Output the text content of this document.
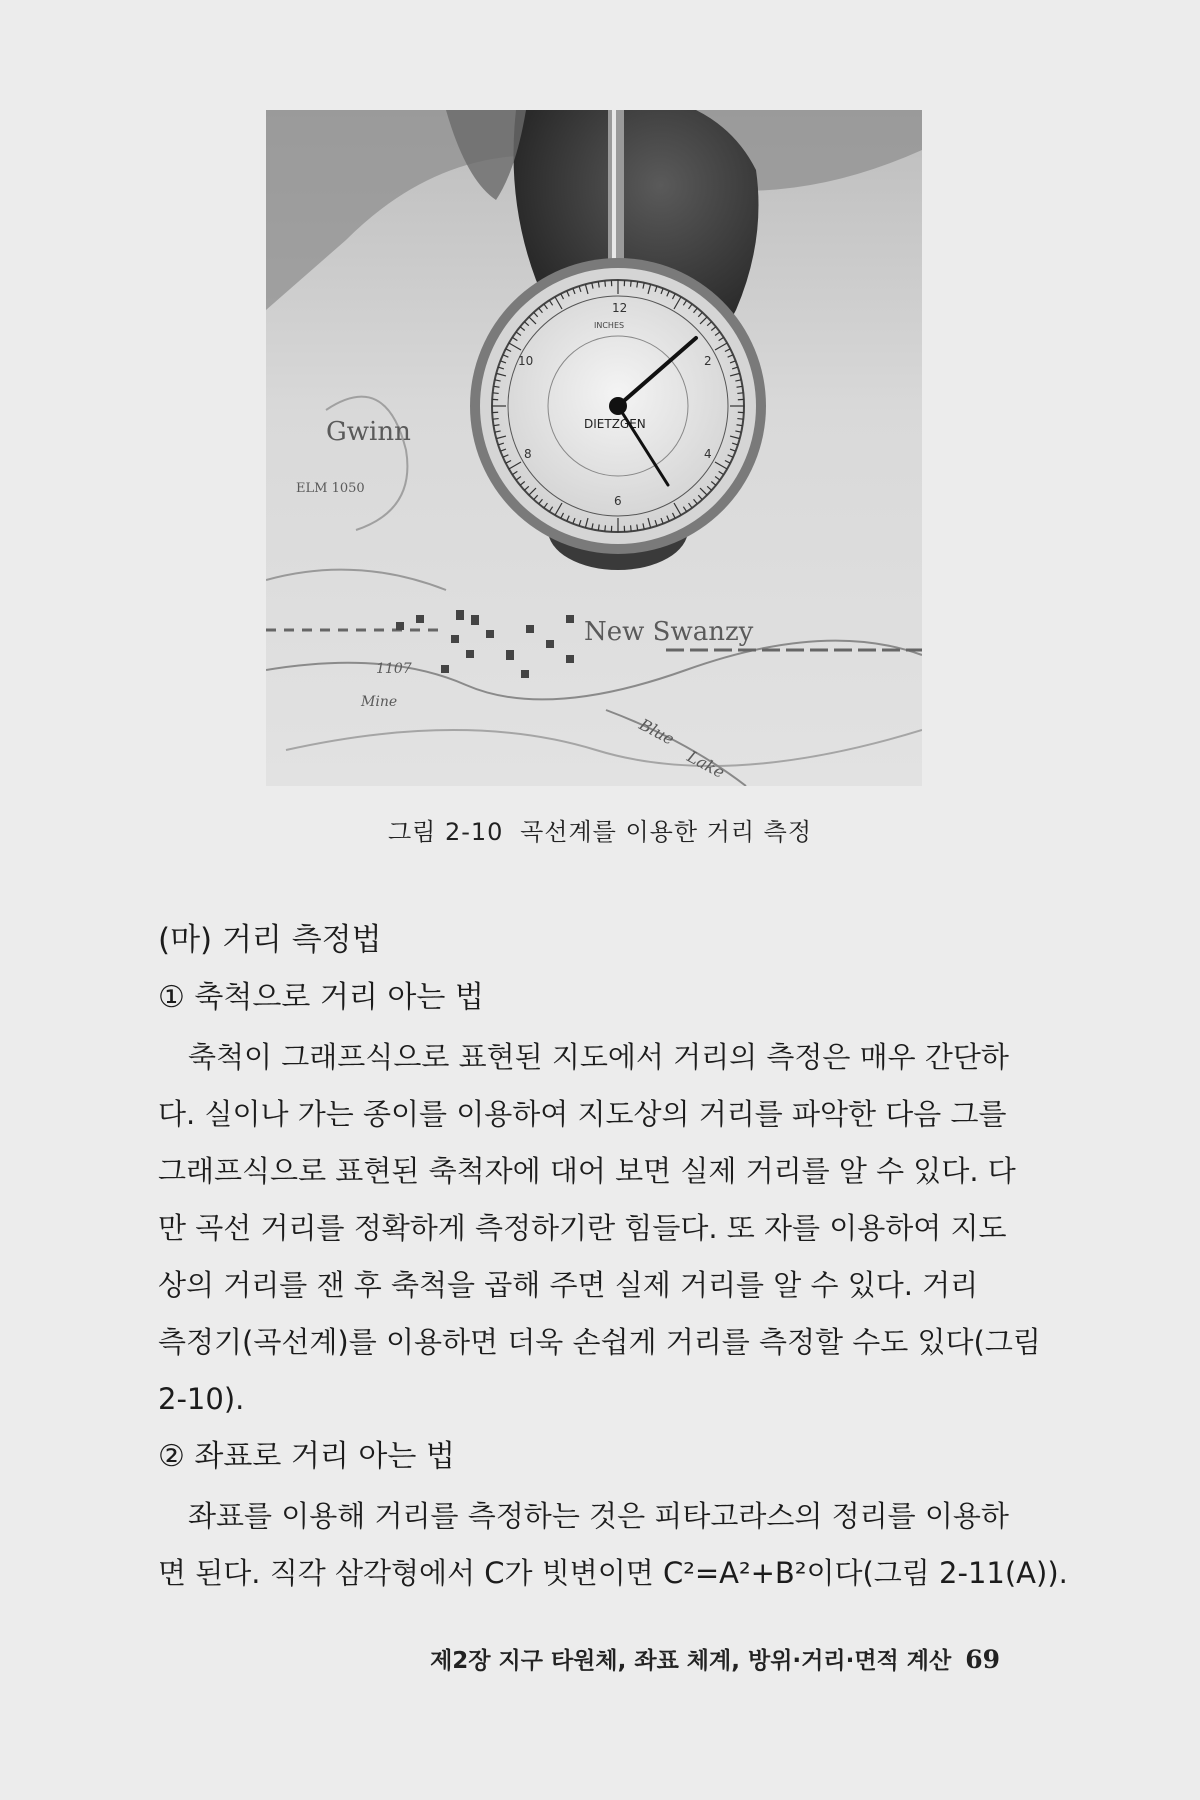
Gwinn
New Swanzy
ELM 1050
Mine
1107
Blue
Lake
12
2
4
6
8
10
INCHES
DIETZGEN
그림 2-10 곡선계를 이용한 거리 측정
(마) 거리 측정법
① 축척으로 거리 아는 법
축척이 그래프식으로 표현된 지도에서 거리의 측정은 매우 간단하
다. 실이나 가는 종이를 이용하여 지도상의 거리를 파악한 다음 그를
그래프식으로 표현된 축척자에 대어 보면 실제 거리를 알 수 있다. 다
만 곡선 거리를 정확하게 측정하기란 힘들다. 또 자를 이용하여 지도
상의 거리를 잰 후 축척을 곱해 주면 실제 거리를 알 수 있다. 거리
측정기(곡선계)를 이용하면 더욱 손쉽게 거리를 측정할 수도 있다(그림
2-10).
② 좌표로 거리 아는 법
좌표를 이용해 거리를 측정하는 것은 피타고라스의 정리를 이용하
면 된다. 직각 삼각형에서 C가 빗변이면 C²=A²+B²이다(그림 2-11(A)).
제2장 지구 타원체, 좌표 체계, 방위·거리·면적 계산 69
